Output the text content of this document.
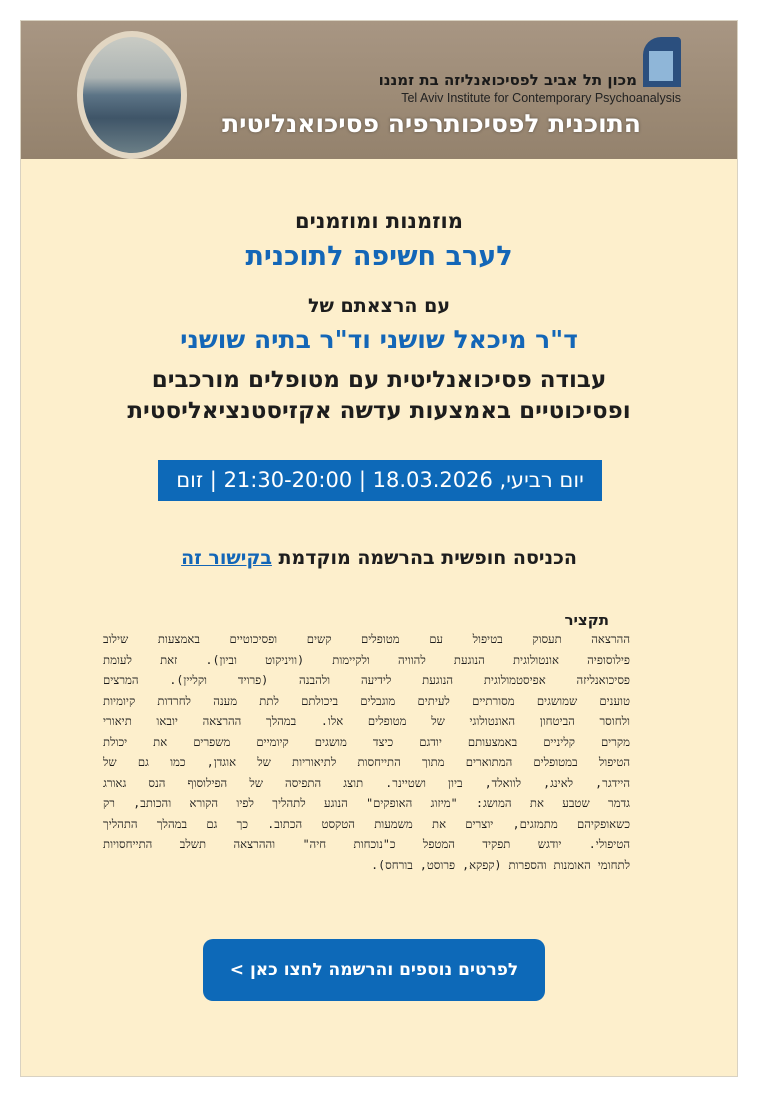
מכון תל אביב לפסיכואנליזה בת זמננו
Tel Aviv Institute for Contemporary Psychoanalysis
התוכנית לפסיכותרפיה פסיכואנליטית
מוזמנות ומוזמנים
לערב חשיפה לתוכנית
עם הרצאתם של
ד"ר מיכאל שושני וד"ר בתיה שושני
עבודה פסיכואנליטית עם מטופלים מורכבים
ופסיכוטיים באמצעות עדשה אקזיסטנציאליסטית
יום רביעי, 18.03.2026 | 21:30-20:00 | זום
הכניסה חופשית בהרשמה מוקדמת בקישור זה
תקציר
ההרצאה תעסוק בטיפול עם מטופלים קשים ופסיכוטיים באמצעות שילוב
פילוסופיה אונטולוגית הנוגעת להוויה ולקיימות (וויניקוט וביון). זאת לעומת
פסיכואנליזה אפיסטמולוגית הנוגעת לידיעה ולהבנה (פרויד וקליין). המרצים
טוענים שמושגים מסורתיים לעיתים מוגבלים ביכולתם לתת מענה לחרדות קיומיות
ולחוסר הביטחון האונטולוגי של מטופלים אלו. במהלך ההרצאה יובאו תיאורי
מקרים קליניים באמצעותם יודגם כיצד מושגים קיומיים משפרים את יכולת
הטיפול במטופלים המתוארים מתוך התייחסות לתיאוריות של אוגדן, כמו גם של
היידגר, לאינג, לוואלד, ביון ושטיינר. תוצג התפיסה של הפילוסוף הנס גאורג
גדמר שטבע את המושג: "מיזוג האופקים" הנוגע לתהליך לפיו הקורא והכותב, רק
כשאופקיהם מתמזגים, יוצרים את משמעות הטקסט הכתוב. כך גם במהלך התהליך
הטיפולי. יודגש תפקיד המטפל כ"נוכחות חיה" וההרצאה תשלב התייחסויות
לתחומי האומנות והספרות (קפקא, פרוסט, בורחס).
לפרטים נוספים והרשמה לחצו כאן >
